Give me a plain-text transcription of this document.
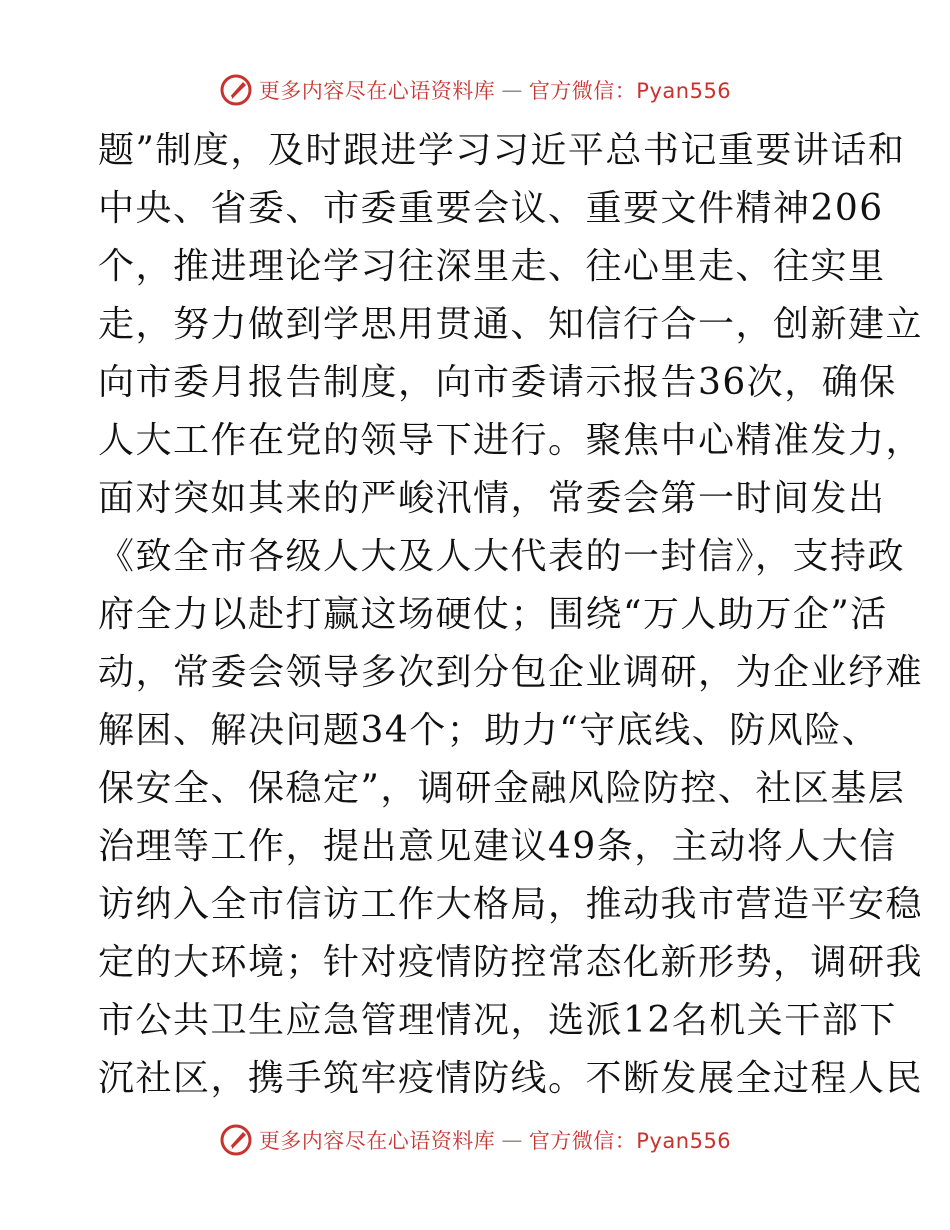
更多内容尽在心语资料库 — 官方微信：Pyan556
题”制度，及时跟进学习习近平总书记重要讲话和
中央、省委、市委重要会议、重要文件精神206
个，推进理论学习往深里走、往心里走、往实里
走，努力做到学思用贯通、知信行合一，创新建立
向市委月报告制度，向市委请示报告36次，确保
人大工作在党的领导下进行。聚焦中心精准发力，
面对突如其来的严峻汛情，常委会第一时间发出
《致全市各级人大及人大代表的一封信》，支持政
府全力以赴打赢这场硬仗；围绕“万人助万企”活
动，常委会领导多次到分包企业调研，为企业纾难
解困、解决问题34个；助力“守底线、防风险、
保安全、保稳定”，调研金融风险防控、社区基层
治理等工作，提出意见建议49条，主动将人大信
访纳入全市信访工作大格局，推动我市营造平安稳
定的大环境；针对疫情防控常态化新形势，调研我
市公共卫生应急管理情况，选派12名机关干部下
沉社区，携手筑牢疫情防线。不断发展全过程人民
更多内容尽在心语资料库 — 官方微信：Pyan556
